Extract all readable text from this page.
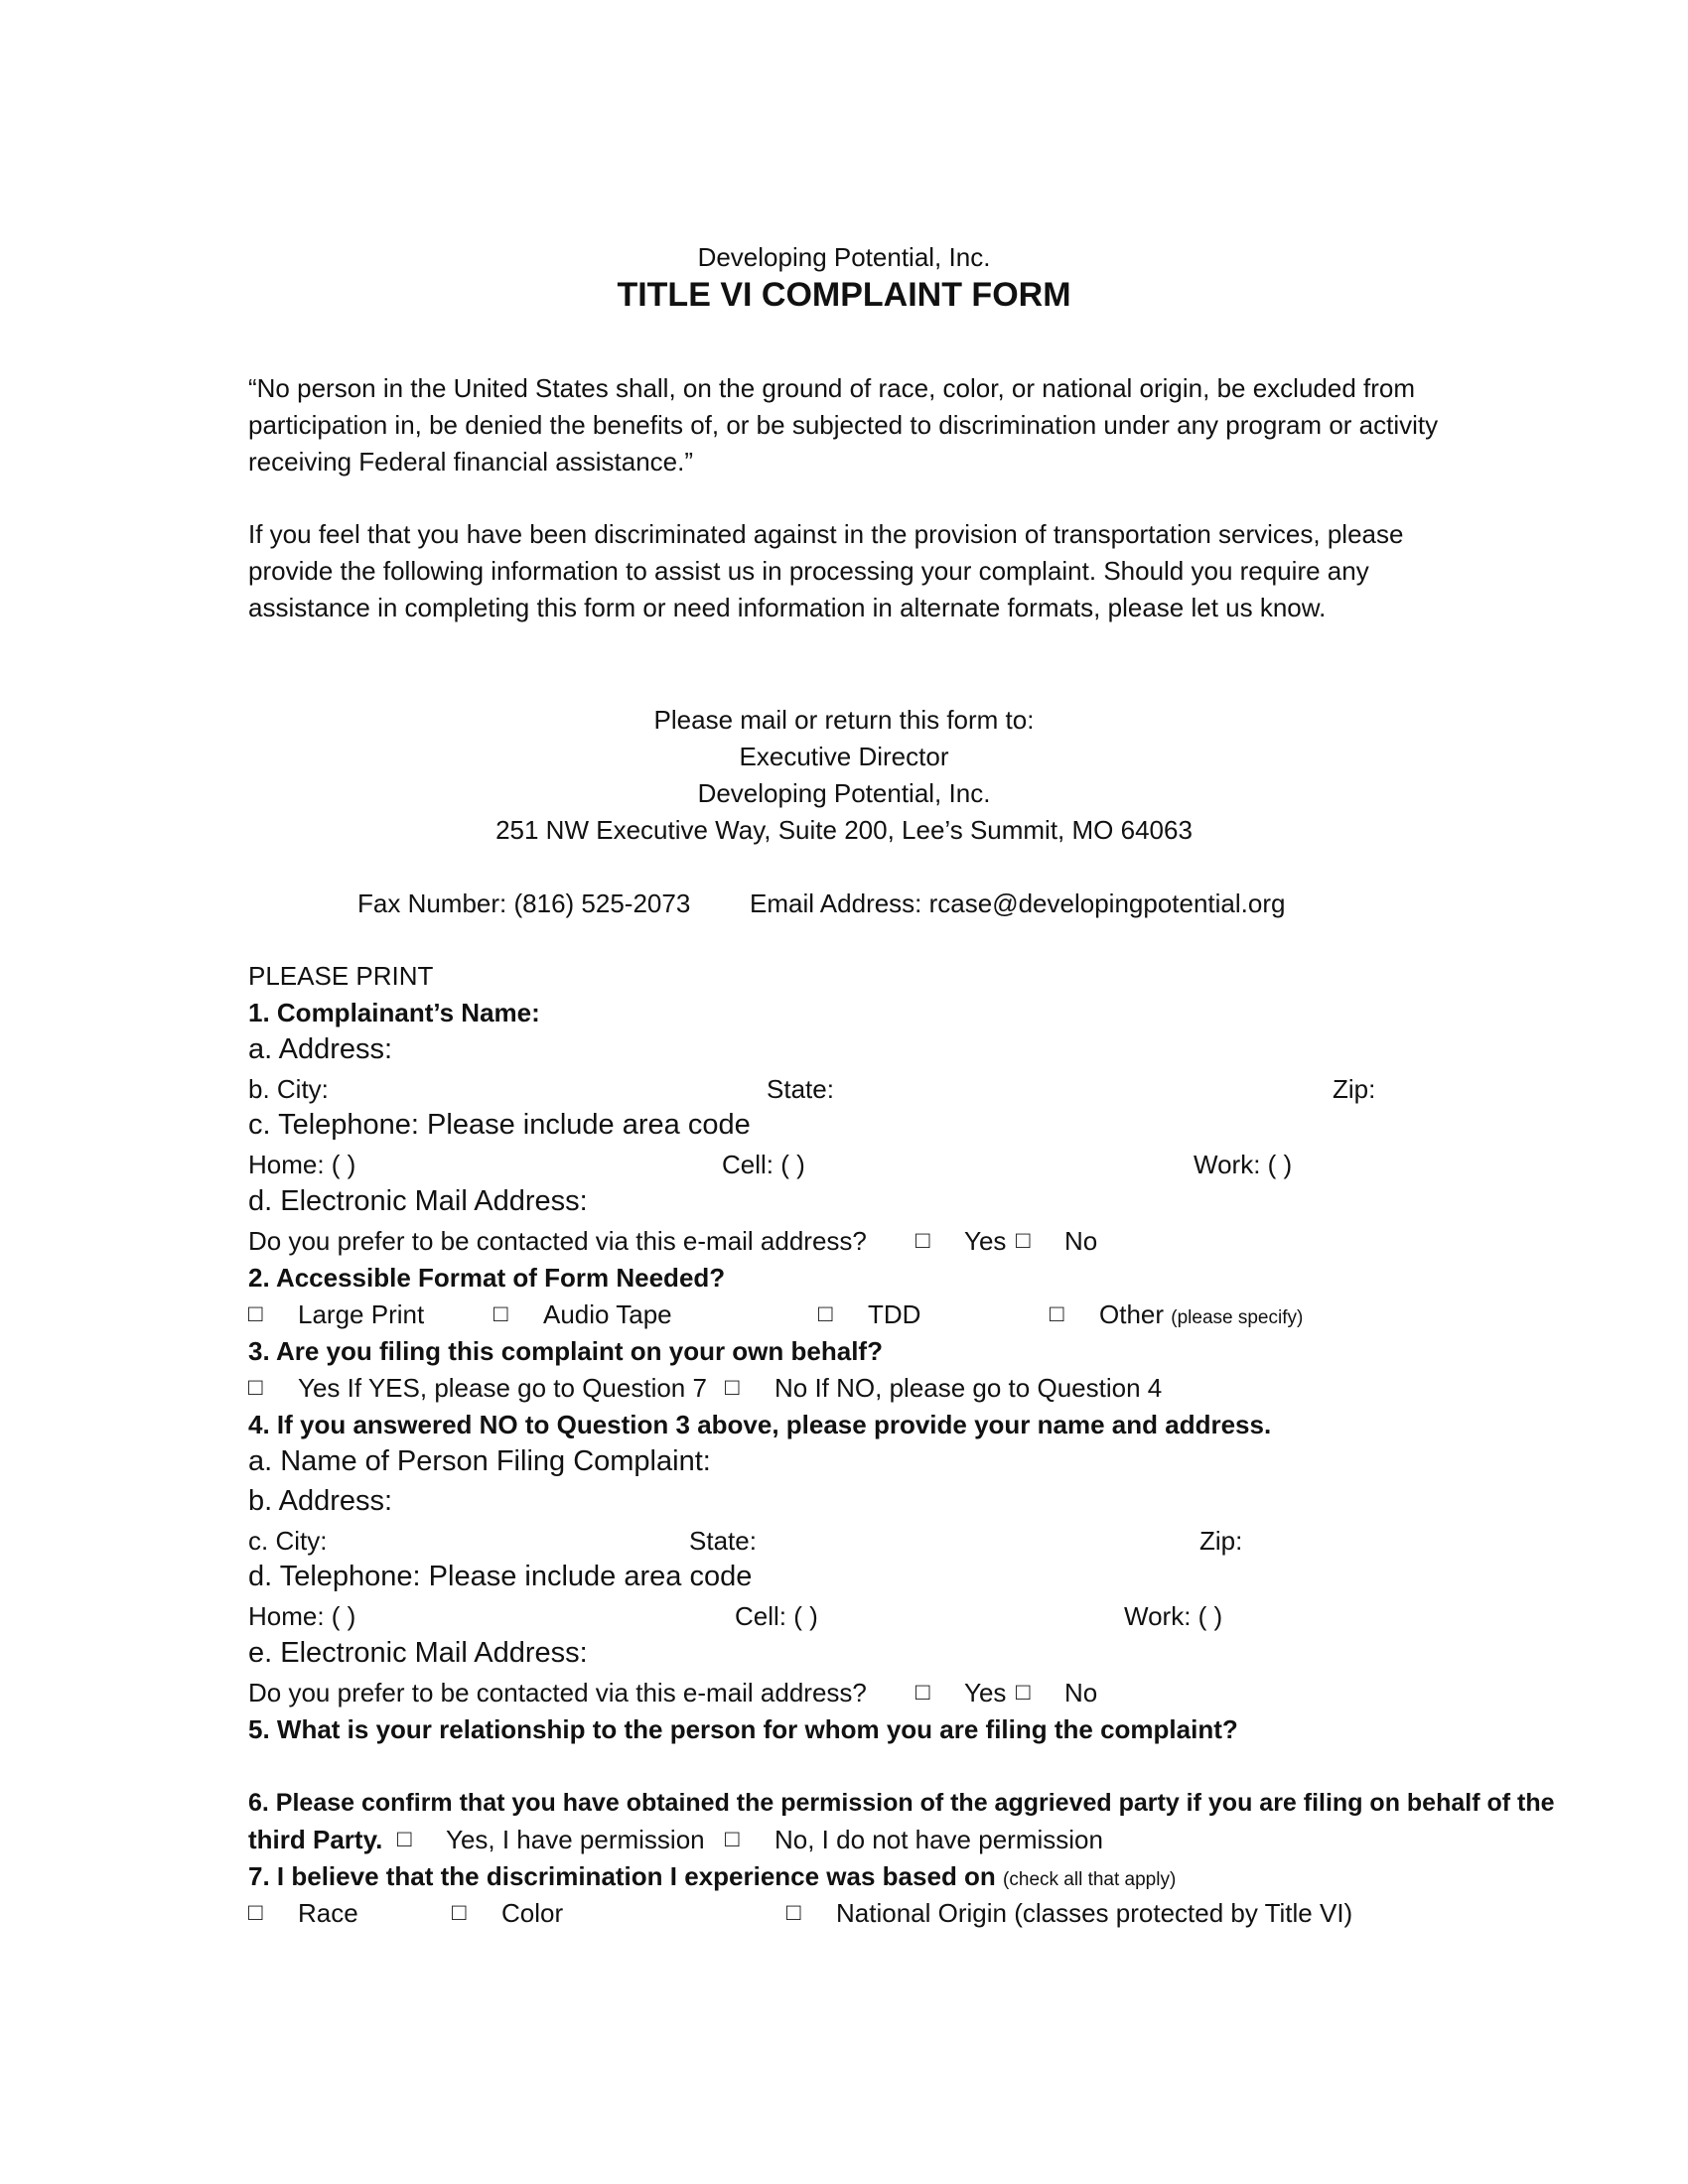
Developing Potential, Inc.
TITLE VI COMPLAINT FORM
“No person in the United States shall, on the ground of race, color, or national origin, be excluded from participation in, be denied the benefits of, or be subjected to discrimination under any program or activity receiving Federal financial assistance.”
If you feel that you have been discriminated against in the provision of transportation services, please provide the following information to assist us in processing your complaint. Should you require any assistance in completing this form or need information in alternate formats, please let us know.
Please mail or return this form to:
Executive Director
Developing Potential, Inc.
251 NW Executive Way, Suite 200, Lee’s Summit, MO 64063
Fax Number: (816) 525-2073 Email Address: rcase@developingpotential.org
PLEASE PRINT
1. Complainant’s Name:
a. Address:
b. City:	State:	Zip:
c. Telephone: Please include area code
Home: ( )	Cell: ( )	Work: ( )
d. Electronic Mail Address:
Do you prefer to be contacted via this e-mail address? □ Yes □ No
2. Accessible Format of Form Needed?
□ Large Print	□ Audio Tape	□ TDD	□ Other (please specify)
3. Are you filing this complaint on your own behalf?
□ Yes If YES, please go to Question 7 □ No If NO, please go to Question 4
4. If you answered NO to Question 3 above, please provide your name and address.
a. Name of Person Filing Complaint:
b. Address:
c. City:	State:	Zip:
d. Telephone: Please include area code
Home: ( )	Cell: ( )	Work: ( )
e. Electronic Mail Address:
Do you prefer to be contacted via this e-mail address? □ Yes □ No
5. What is your relationship to the person for whom you are filing the complaint?
6. Please confirm that you have obtained the permission of the aggrieved party if you are filing on behalf of the
third Party. □ Yes, I have permission □ No, I do not have permission
7. I believe that the discrimination I experience was based on (check all that apply)
□ Race	□ Color	□ National Origin (classes protected by Title VI)
